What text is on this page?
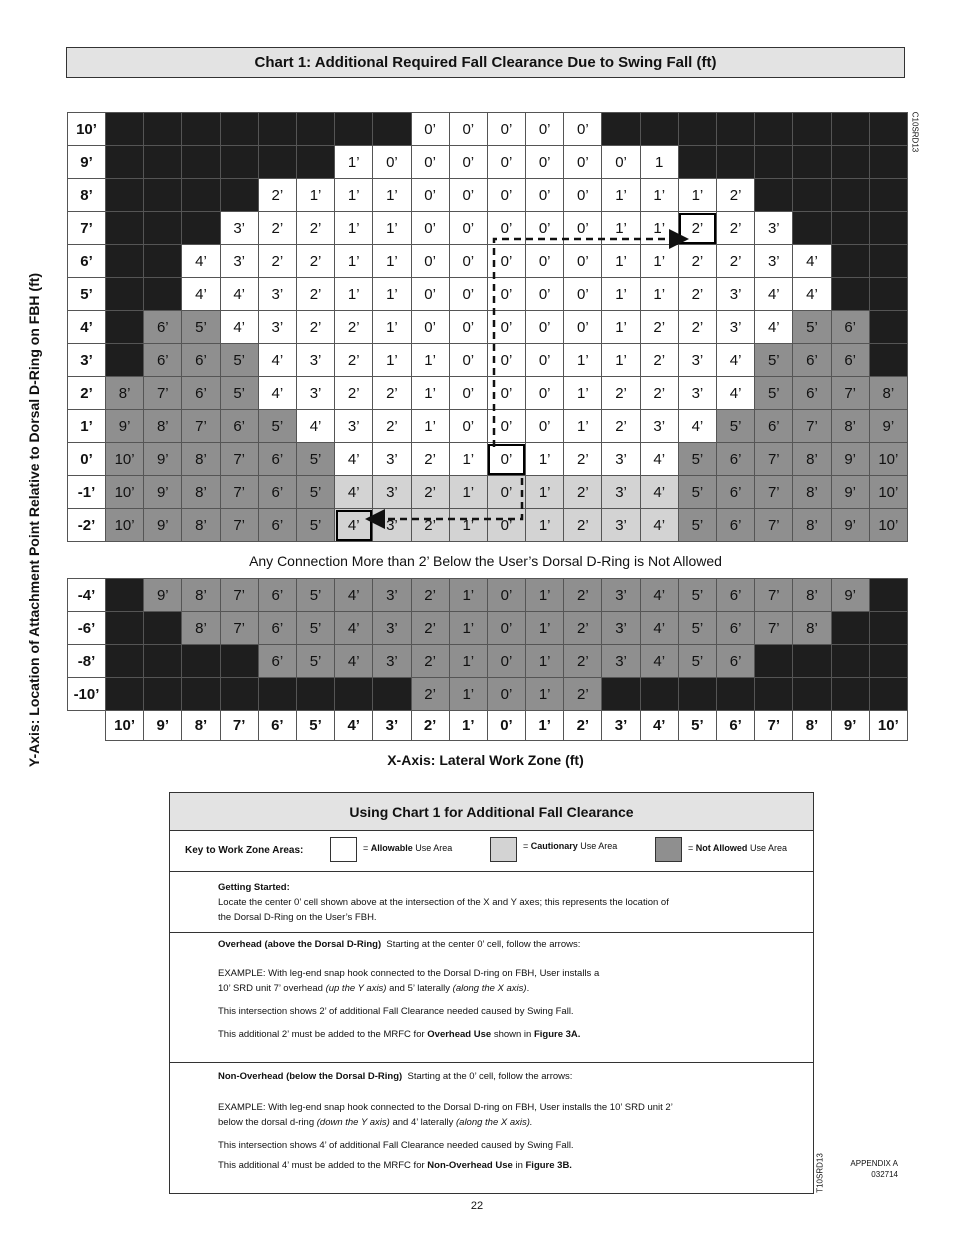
Chart 1: Additional Required Fall Clearance Due to Swing Fall (ft)
Y-Axis: Location of Attachment Point Relative to Dorsal D-Ring on FBH (ft)
C10SRD13
10’									0’	0’	0’	0’	0’								
9’							1’	0’	0’	0’	0’	0’	0’	0’	1						
8’					2’	1’	1’	1’	0’	0’	0’	0’	0’	1’	1’	1’	2’				
7’				3’	2’	2’	1’	1’	0’	0’	0’	0’	0’	1’	1’	2’	2’	3’			
6’			4’	3’	2’	2’	1’	1’	0’	0’	0’	0’	0’	1’	1’	2’	2’	3’	4’		
5’			4’	4’	3’	2’	1’	1’	0’	0’	0’	0’	0’	1’	1’	2’	3’	4’	4’		
4’		6’	5’	4’	3’	2’	2’	1’	0’	0’	0’	0’	0’	1’	2’	2’	3’	4’	5’	6’	
3’		6’	6’	5’	4’	3’	2’	1’	1’	0’	0’	0’	1’	1’	2’	3’	4’	5’	6’	6’	
2’	8’	7’	6’	5’	4’	3’	2’	2’	1’	0’	0’	0’	1’	2’	2’	3’	4’	5’	6’	7’	8’
1’	9’	8’	7’	6’	5’	4’	3’	2’	1’	0’	0’	0’	1’	2’	3’	4’	5’	6’	7’	8’	9’
0’	10’	9’	8’	7’	6’	5’	4’	3’	2’	1’	0’	1’	2’	3’	4’	5’	6’	7’	8’	9’	10’
-1’	10’	9’	8’	7’	6’	5’	4’	3’	2’	1’	0’	1’	2’	3’	4’	5’	6’	7’	8’	9’	10’
-2’	10’	9’	8’	7’	6’	5’	4’	3’	2’	1’	0’	1’	2’	3’	4’	5’	6’	7’	8’	9’	10’
Any Connection More than 2’ Below the User’s Dorsal D-Ring is Not Allowed
-4’		9’	8’	7’	6’	5’	4’	3’	2’	1’	0’	1’	2’	3’	4’	5’	6’	7’	8’	9’	
-6’			8’	7’	6’	5’	4’	3’	2’	1’	0’	1’	2’	3’	4’	5’	6’	7’	8’		
-8’					6’	5’	4’	3’	2’	1’	0’	1’	2’	3’	4’	5’	6’				
-10’									2’	1’	0’	1’	2’								
	10’	9’	8’	7’	6’	5’	4’	3’	2’	1’	0’	1’	2’	3’	4’	5’	6’	7’	8’	9’	10’
X-Axis: Lateral Work Zone (ft)
Using Chart 1 for Additional Fall Clearance
Key to Work Zone Areas:	= Allowable Use Area	= Cautionary Use Area	= Not Allowed Use Area

Getting Started:

Locate the center 0’ cell shown above at the intersection of the X and Y axes; this represents the location of

the Dorsal D-Ring on the User’s FBH.

Overhead (above the Dorsal D-Ring) Starting at the center 0’ cell, follow the arrows:

EXAMPLE: With leg-end snap hook connected to the Dorsal D-ring on FBH, User installs a

10’ SRD unit 7’ overhead (up the Y axis) and 5’ laterally (along the X axis).

This intersection shows 2’ of additional Fall Clearance needed caused by Swing Fall.

This additional 2’ must be added to the MRFC for Overhead Use shown in Figure 3A.

Non-Overhead (below the Dorsal D-Ring) Starting at the 0’ cell, follow the arrows:

EXAMPLE: With leg-end snap hook connected to the Dorsal D-ring on FBH, User installs the 10’ SRD unit 2’

below the dorsal d-ring (down the Y axis) and 4’ laterally (along the X axis).

This intersection shows 4’ of additional Fall Clearance needed caused by Swing Fall.

This additional 4’ must be added to the MRFC for Non-Overhead Use in Figure 3B.	T10SRD13	APPENDIX A
032714
22
